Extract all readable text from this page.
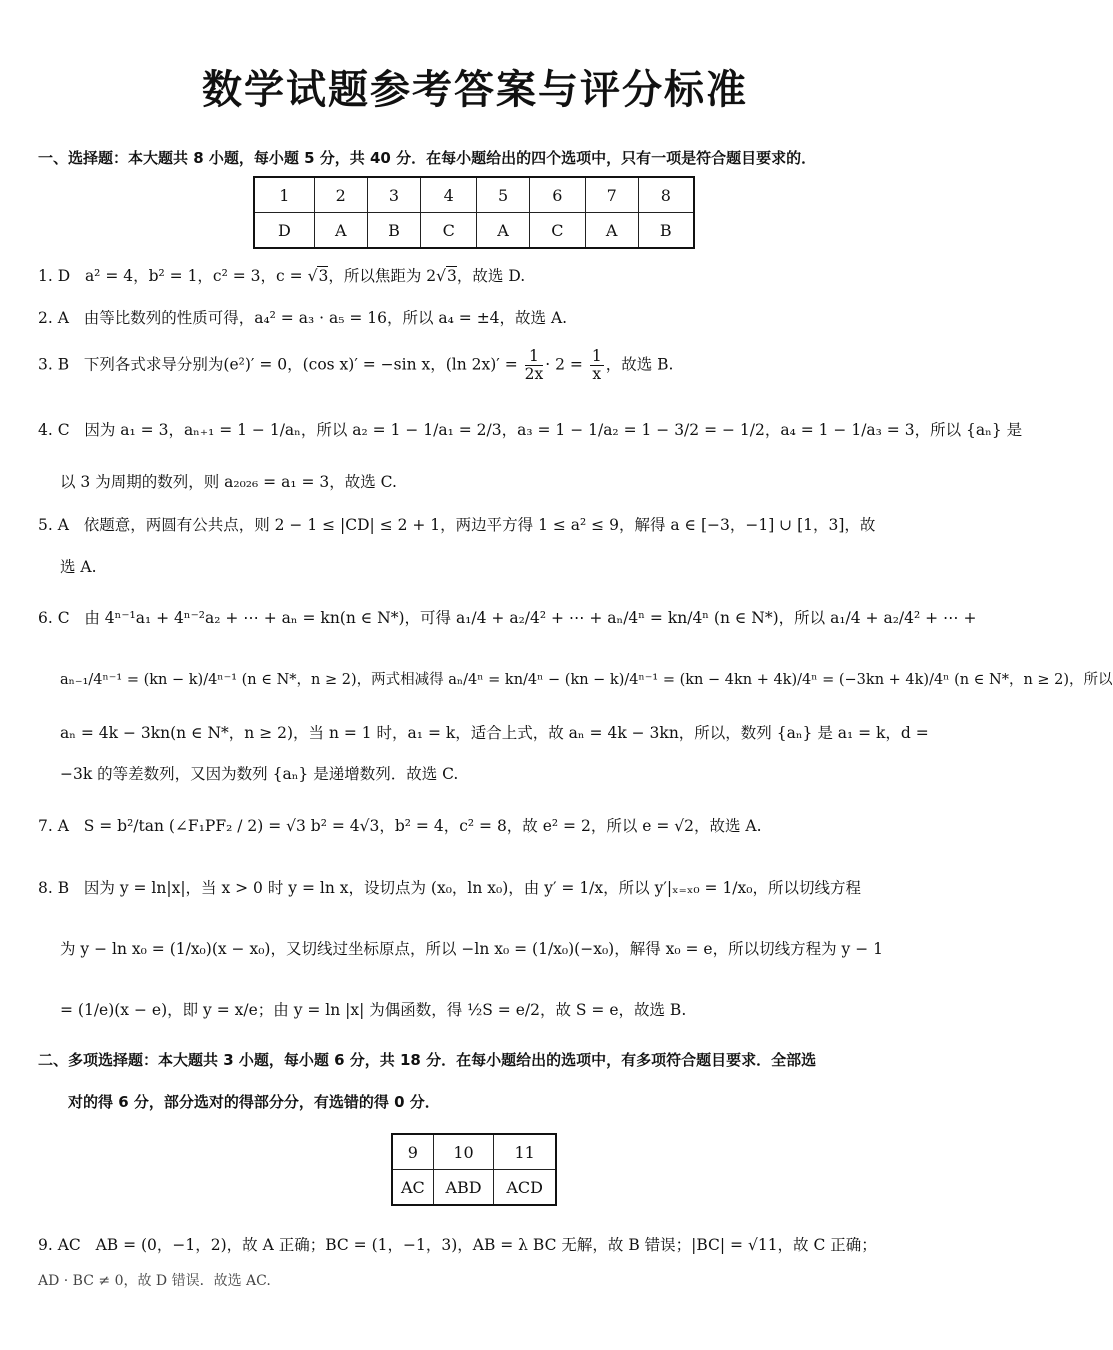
数学试题参考答案与评分标准
一、选择题：本大题共 8 小题，每小题 5 分，共 40 分．在每小题给出的四个选项中，只有一项是符合题目要求的．
1	2	3	4	5	6	7	8
D	A	B	C	A	C	A	B
1. D a² = 4，b² = 1，c² = 3，c = √3，所以焦距为 2√3，故选 D.
2. A 由等比数列的性质可得，a₄² = a₃ · a₅ = 16，所以 a₄ = ±4，故选 A.
3. B 下列各式求导分别为(e²)′ = 0，(cos x)′ = −sin x，(ln $2x)' = \frac{1}{2x} \cdot 2 = \frac{1}{x}$ ，故选 B.
4. C 因为 a₁ = 3，aₙ₊₁ = 1 − 1/aₙ，所以 a₂ = 1 − 1/a₁ = 2/3，a₃ = 1 − 1/a₂ = 1 − 3/2 = − 1/2，a₄ = 1 − 1/a₃ = 3，所以 {aₙ} 是
以 3 为周期的数列，则 a₂₀₂₆ = a₁ = 3，故选 C.
5. A 依题意，两圆有公共点，则 2 − 1 ≤ |CD| ≤ 2 + 1，两边平方得 1 ≤ a² ≤ 9，解得 a ∈ [−3，−1] ∪ [1，3]，故
选 A.
6. C 由 4ⁿ⁻¹a₁ + 4ⁿ⁻²a₂ + ⋯ + aₙ = kn(n ∈ N*)，可得 a₁/4 + a₂/4² + ⋯ + aₙ/4ⁿ = kn/4ⁿ (n ∈ N*)，所以 a₁/4 + a₂/4² + ⋯ +
aₙ₋₁/4ⁿ⁻¹ = (kn − k)/4ⁿ⁻¹ (n ∈ N*，n ≥ 2)，两式相减得 aₙ/4ⁿ = kn/4ⁿ − (kn − k)/4ⁿ⁻¹ = (kn − 4kn + 4k)/4ⁿ = (−3kn + 4k)/4ⁿ (n ∈ N*，n ≥ 2)，所以
aₙ = 4k − 3kn(n ∈ N*，n ≥ 2)，当 n = 1 时，a₁ = k，适合上式，故 aₙ = 4k − 3kn，所以，数列 {aₙ} 是 a₁ = k，d =
−3k 的等差数列，又因为数列 {aₙ} 是递增数列．故选 C.
7. A S = b²/tan (∠F₁PF₂ / 2) = √3 b² = 4√3，b² = 4，c² = 8，故 e² = 2，所以 e = √2，故选 A.
8. B 因为 y = ln|x|，当 x > 0 时 y = ln x，设切点为 (x₀，ln x₀)，由 y′ = 1/x，所以 y′|ₓ₌ₓ₀ = 1/x₀，所以切线方程
为 y − ln x₀ = (1/x₀)(x − x₀)，又切线过坐标原点，所以 −ln x₀ = (1/x₀)(−x₀)，解得 x₀ = e，所以切线方程为 y − 1
= (1/e)(x − e)，即 y = x/e；由 y = ln |x| 为偶函数，得 ½S = e/2，故 S = e，故选 B.
二、多项选择题：本大题共 3 小题，每小题 6 分，共 18 分．在每小题给出的选项中，有多项符合题目要求．全部选
对的得 6 分，部分选对的得部分分，有选错的得 0 分．
9	10	11
AC	ABD	ACD
9. AC AB = (0，−1，2)，故 A 正确；BC = (1，−1，3)，AB = λ BC 无解，故 B 错误；|BC| = √11，故 C 正确；
AD · BC ≠ 0，故 D 错误．故选 AC.
